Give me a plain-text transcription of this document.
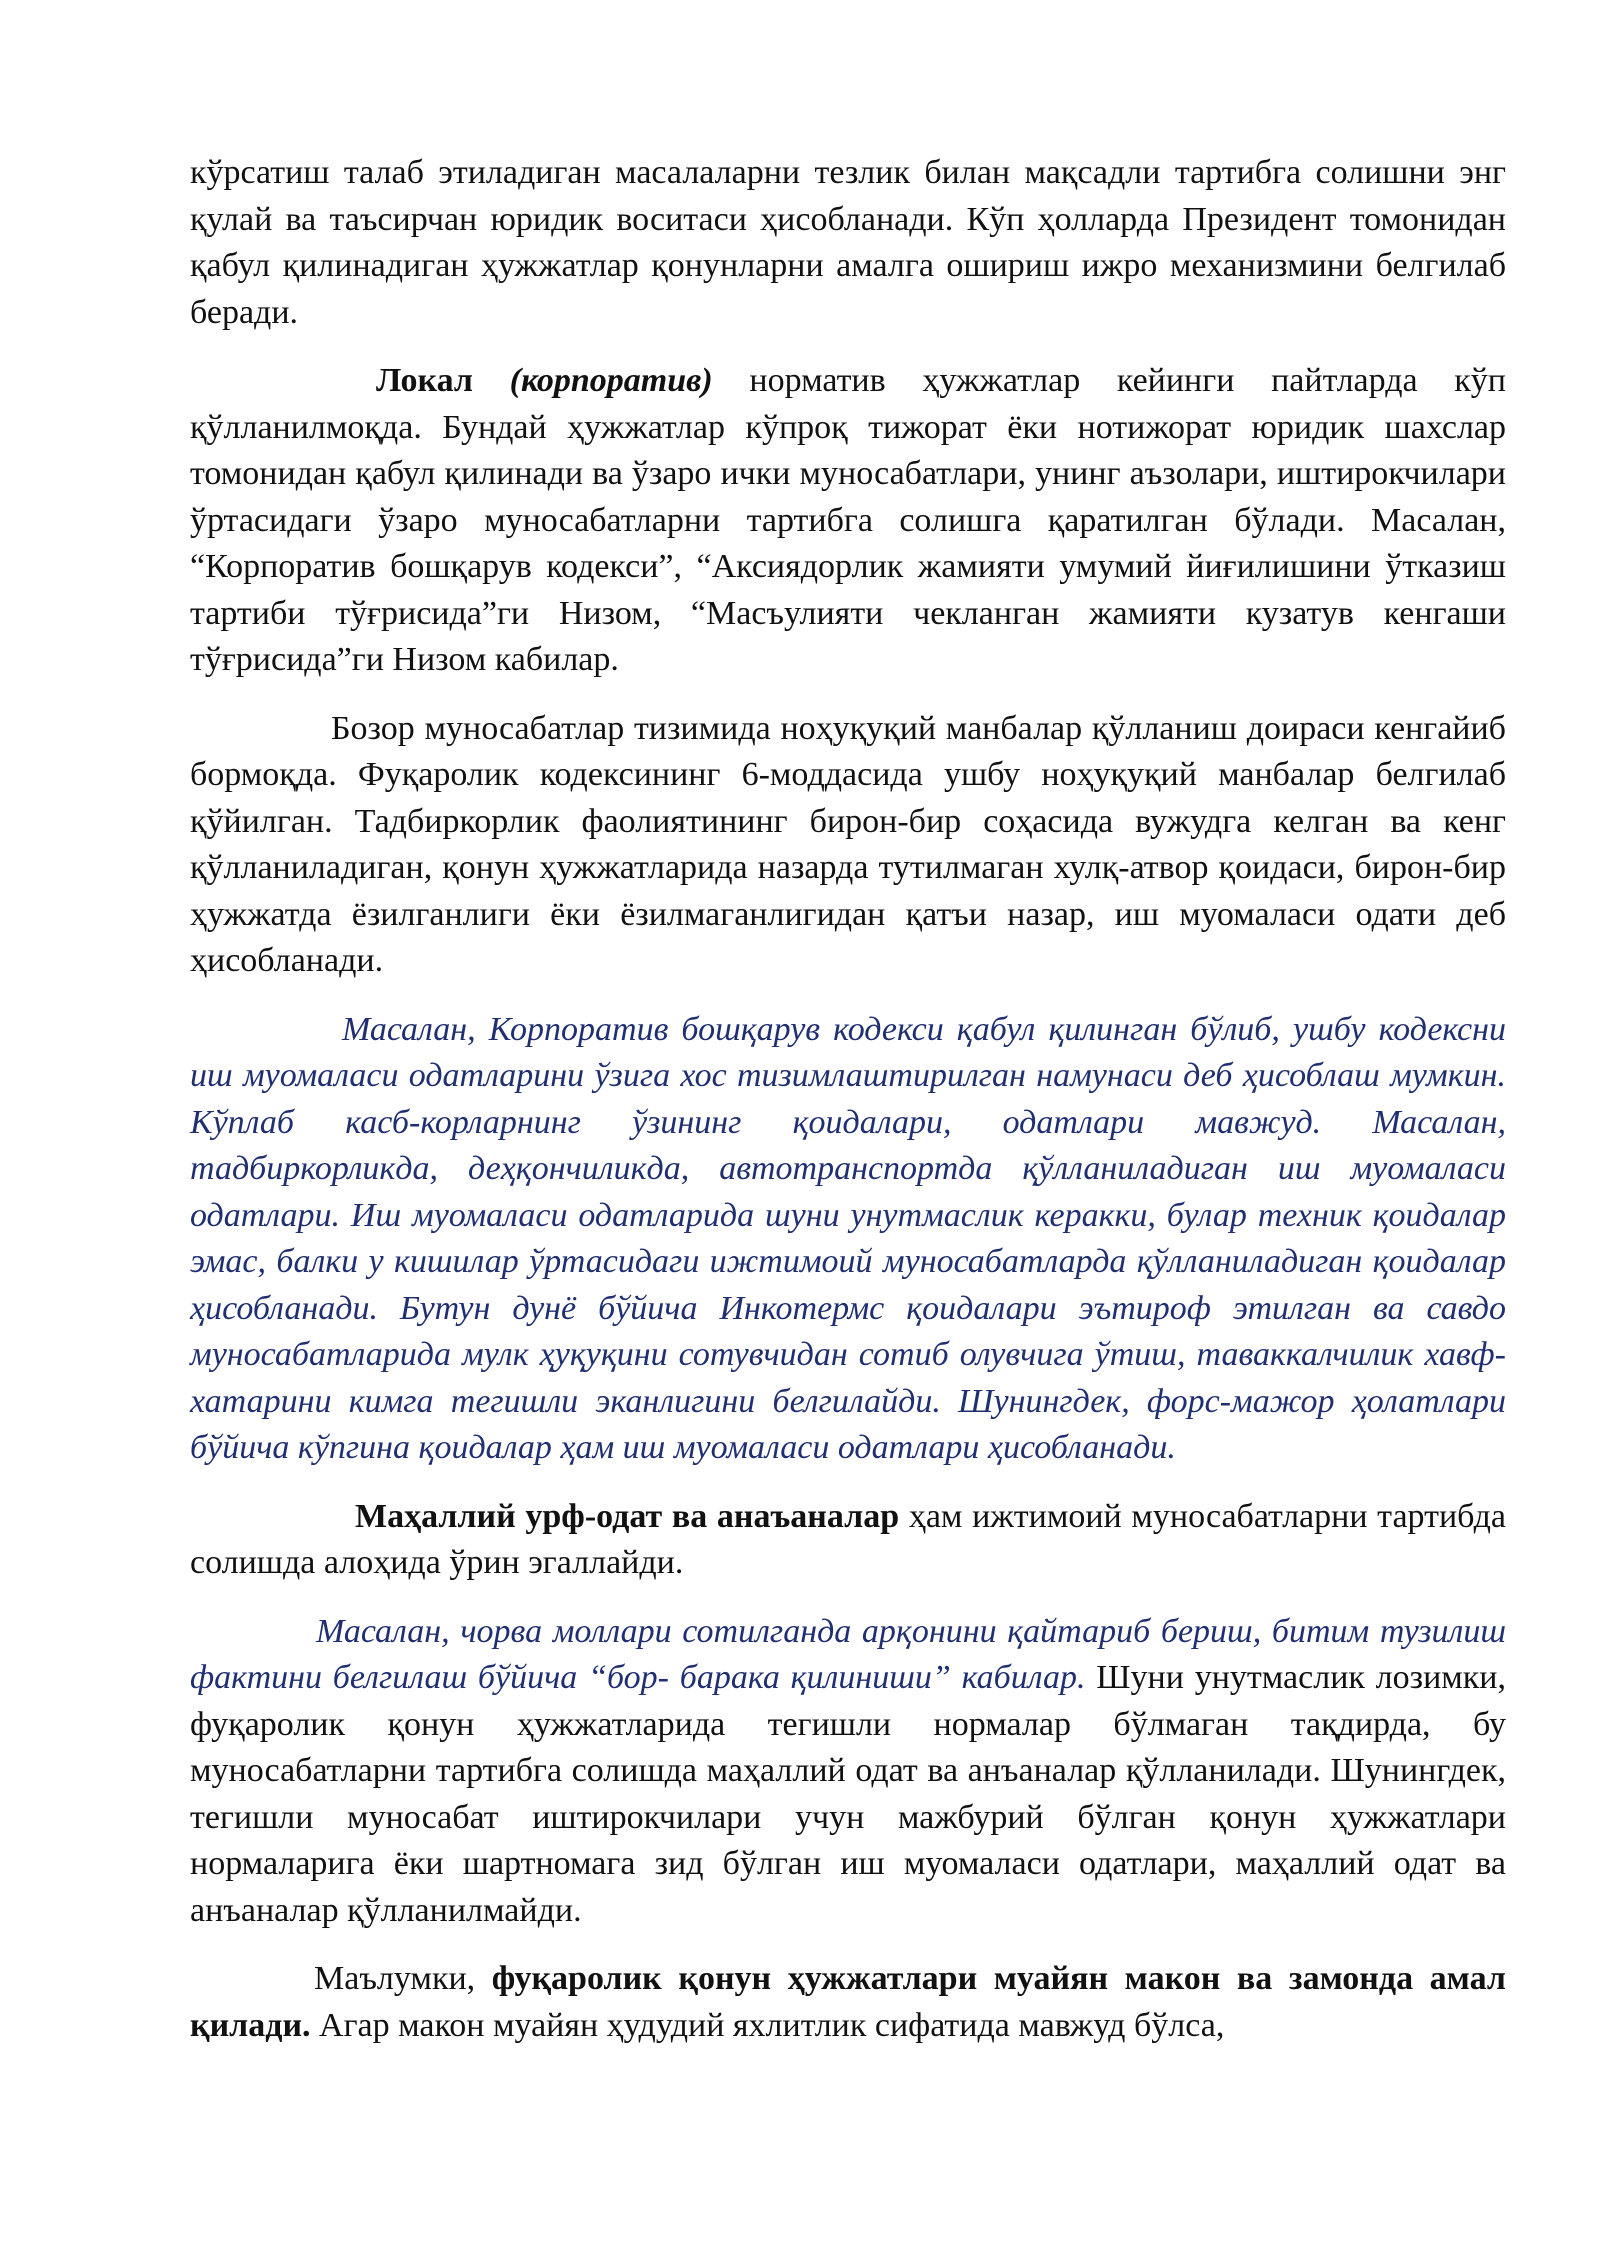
кўрсатиш талаб этиладиган масалаларни тезлик билан мақсадли тартибга солишни энг қулай ва таъсирчан юридик воситаси ҳисобланади. Кўп ҳолларда Президент томонидан қабул қилинадиган ҳужжатлар қонунларни амалга ошириш ижро механизмини белгилаб беради.

Локал (корпоратив) норматив ҳужжатлар кейинги пайтларда кўп қўлланилмоқда. Бундай ҳужжатлар кўпроқ тижорат ёки нотижорат юридик шахслар томонидан қабул қилинади ва ўзаро ички муносабатлари, унинг аъзолари, иштирокчилари ўртасидаги ўзаро муносабатларни тартибга солишга қаратилган бўлади. Масалан, “Корпоратив бошқарув кодекси”, “Аксиядорлик жамияти умумий йиғилишини ўтказиш тартиби тўғрисида”ги Низом, “Масъулияти чекланган жамияти кузатув кенгаши тўғрисида”ги Низом кабилар.

Бозор муносабатлар тизимида ноҳуқуқий манбалар қўлланиш доираси кенгайиб бормоқда. Фуқаролик кодексининг 6-моддасида ушбу ноҳуқуқий манбалар белгилаб қўйилган. Тадбиркорлик фаолиятининг бирон-бир соҳасида вужудга келган ва кенг қўлланиладиган, қонун ҳужжатларида назарда тутилмаган хулқ-атвор қоидаси, бирон-бир ҳужжатда ёзилганлиги ёки ёзилмаганлигидан қатъи назар, иш муомаласи одати деб ҳисобланади.

Масалан, Корпоратив бошқарув кодекси қабул қилинган бўлиб, ушбу кодексни иш муомаласи одатларини ўзига хос тизимлаштирилган намунаси деб ҳисоблаш мумкин. Кўплаб касб-корларнинг ўзининг қоидалари, одатлари мавжуд. Масалан, тадбиркорликда, деҳқончиликда, автотранспортда қўлланиладиган иш муомаласи одатлари. Иш муомаласи одатларида шуни унутмаслик керакки, булар техник қоидалар эмас, балки у кишилар ўртасидаги ижтимоий муносабатларда қўлланиладиган қоидалар ҳисобланади. Бутун дунё бўйича Инкотермс қоидалари эътироф этилган ва савдо муносабатларида мулк ҳуқуқини сотувчидан сотиб олувчига ўтиш, таваккалчилик хавф-хатарини кимга тегишли эканлигини белгилайди. Шунингдек, форс-мажор ҳолатлари бўйича кўпгина қоидалар ҳам иш муомаласи одатлари ҳисобланади.

Маҳаллий урф-одат ва анаъаналар ҳам ижтимоий муносабатларни тартибда солишда алоҳида ўрин эгаллайди.

Масалан, чорва моллари сотилганда арқонини қайтариб бериш, битим тузилиш фактини белгилаш бўйича “бор- барака қилиниши” кабилар. Шуни унутмаслик лозимки, фуқаролик қонун ҳужжатларида тегишли нормалар бўлмаган тақдирда, бу муносабатларни тартибга солишда маҳаллий одат ва анъаналар қўлланилади. Шунингдек, тегишли муносабат иштирокчилари учун мажбурий бўлган қонун ҳужжатлари нормаларига ёки шартномага зид бўлган иш муомаласи одатлари, маҳаллий одат ва анъаналар қўлланилмайди.

Маълумки, фуқаролик қонун ҳужжатлари муайян макон ва замонда амал қилади. Агар макон муайян ҳудудий яхлитлик сифатида мавжуд бўлса,
